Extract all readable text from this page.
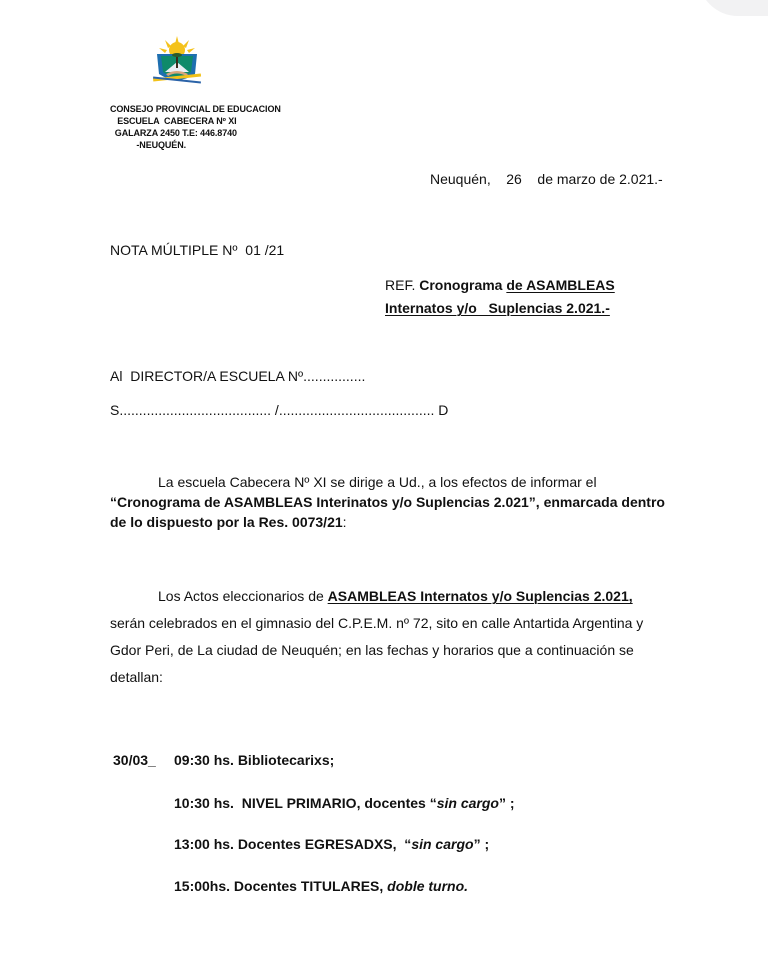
CONSEJO PROVINCIAL DE EDUCACION
ESCUELA  CABECERA Nº XI
GALARZA 2450 T.E: 446.8740
-NEUQUÉN.
Neuquén,    26    de marzo de 2.021.-
NOTA MÚLTIPLE Nº  01 /21
REF. Cronograma de ASAMBLEAS
Internatos y/o   Suplencias 2.021.-
Al  DIRECTOR/A ESCUELA Nº................
S....................................... /........................................ D
La escuela Cabecera Nº XI se dirige a Ud., a los efectos de informar el “Cronograma de ASAMBLEAS Interinatos y/o Suplencias 2.021”, enmarcada dentro de lo dispuesto por la Res. 0073/21:
Los Actos eleccionarios de ASAMBLEAS Internatos y/o Suplencias 2.021, serán celebrados en el gimnasio del C.P.E.M. nº 72, sito en calle Antartida Argentina y Gdor Peri, de La ciudad de Neuquén; en las fechas y horarios que a continuación se detallan:
30/03_ 09:30 hs. Bibliotecarixs;
10:30 hs.  NIVEL PRIMARIO, docentes “sin cargo” ;
13:00 hs. Docentes EGRESADXS,  “sin cargo” ;
15:00hs. Docentes TITULARES, doble turno.
